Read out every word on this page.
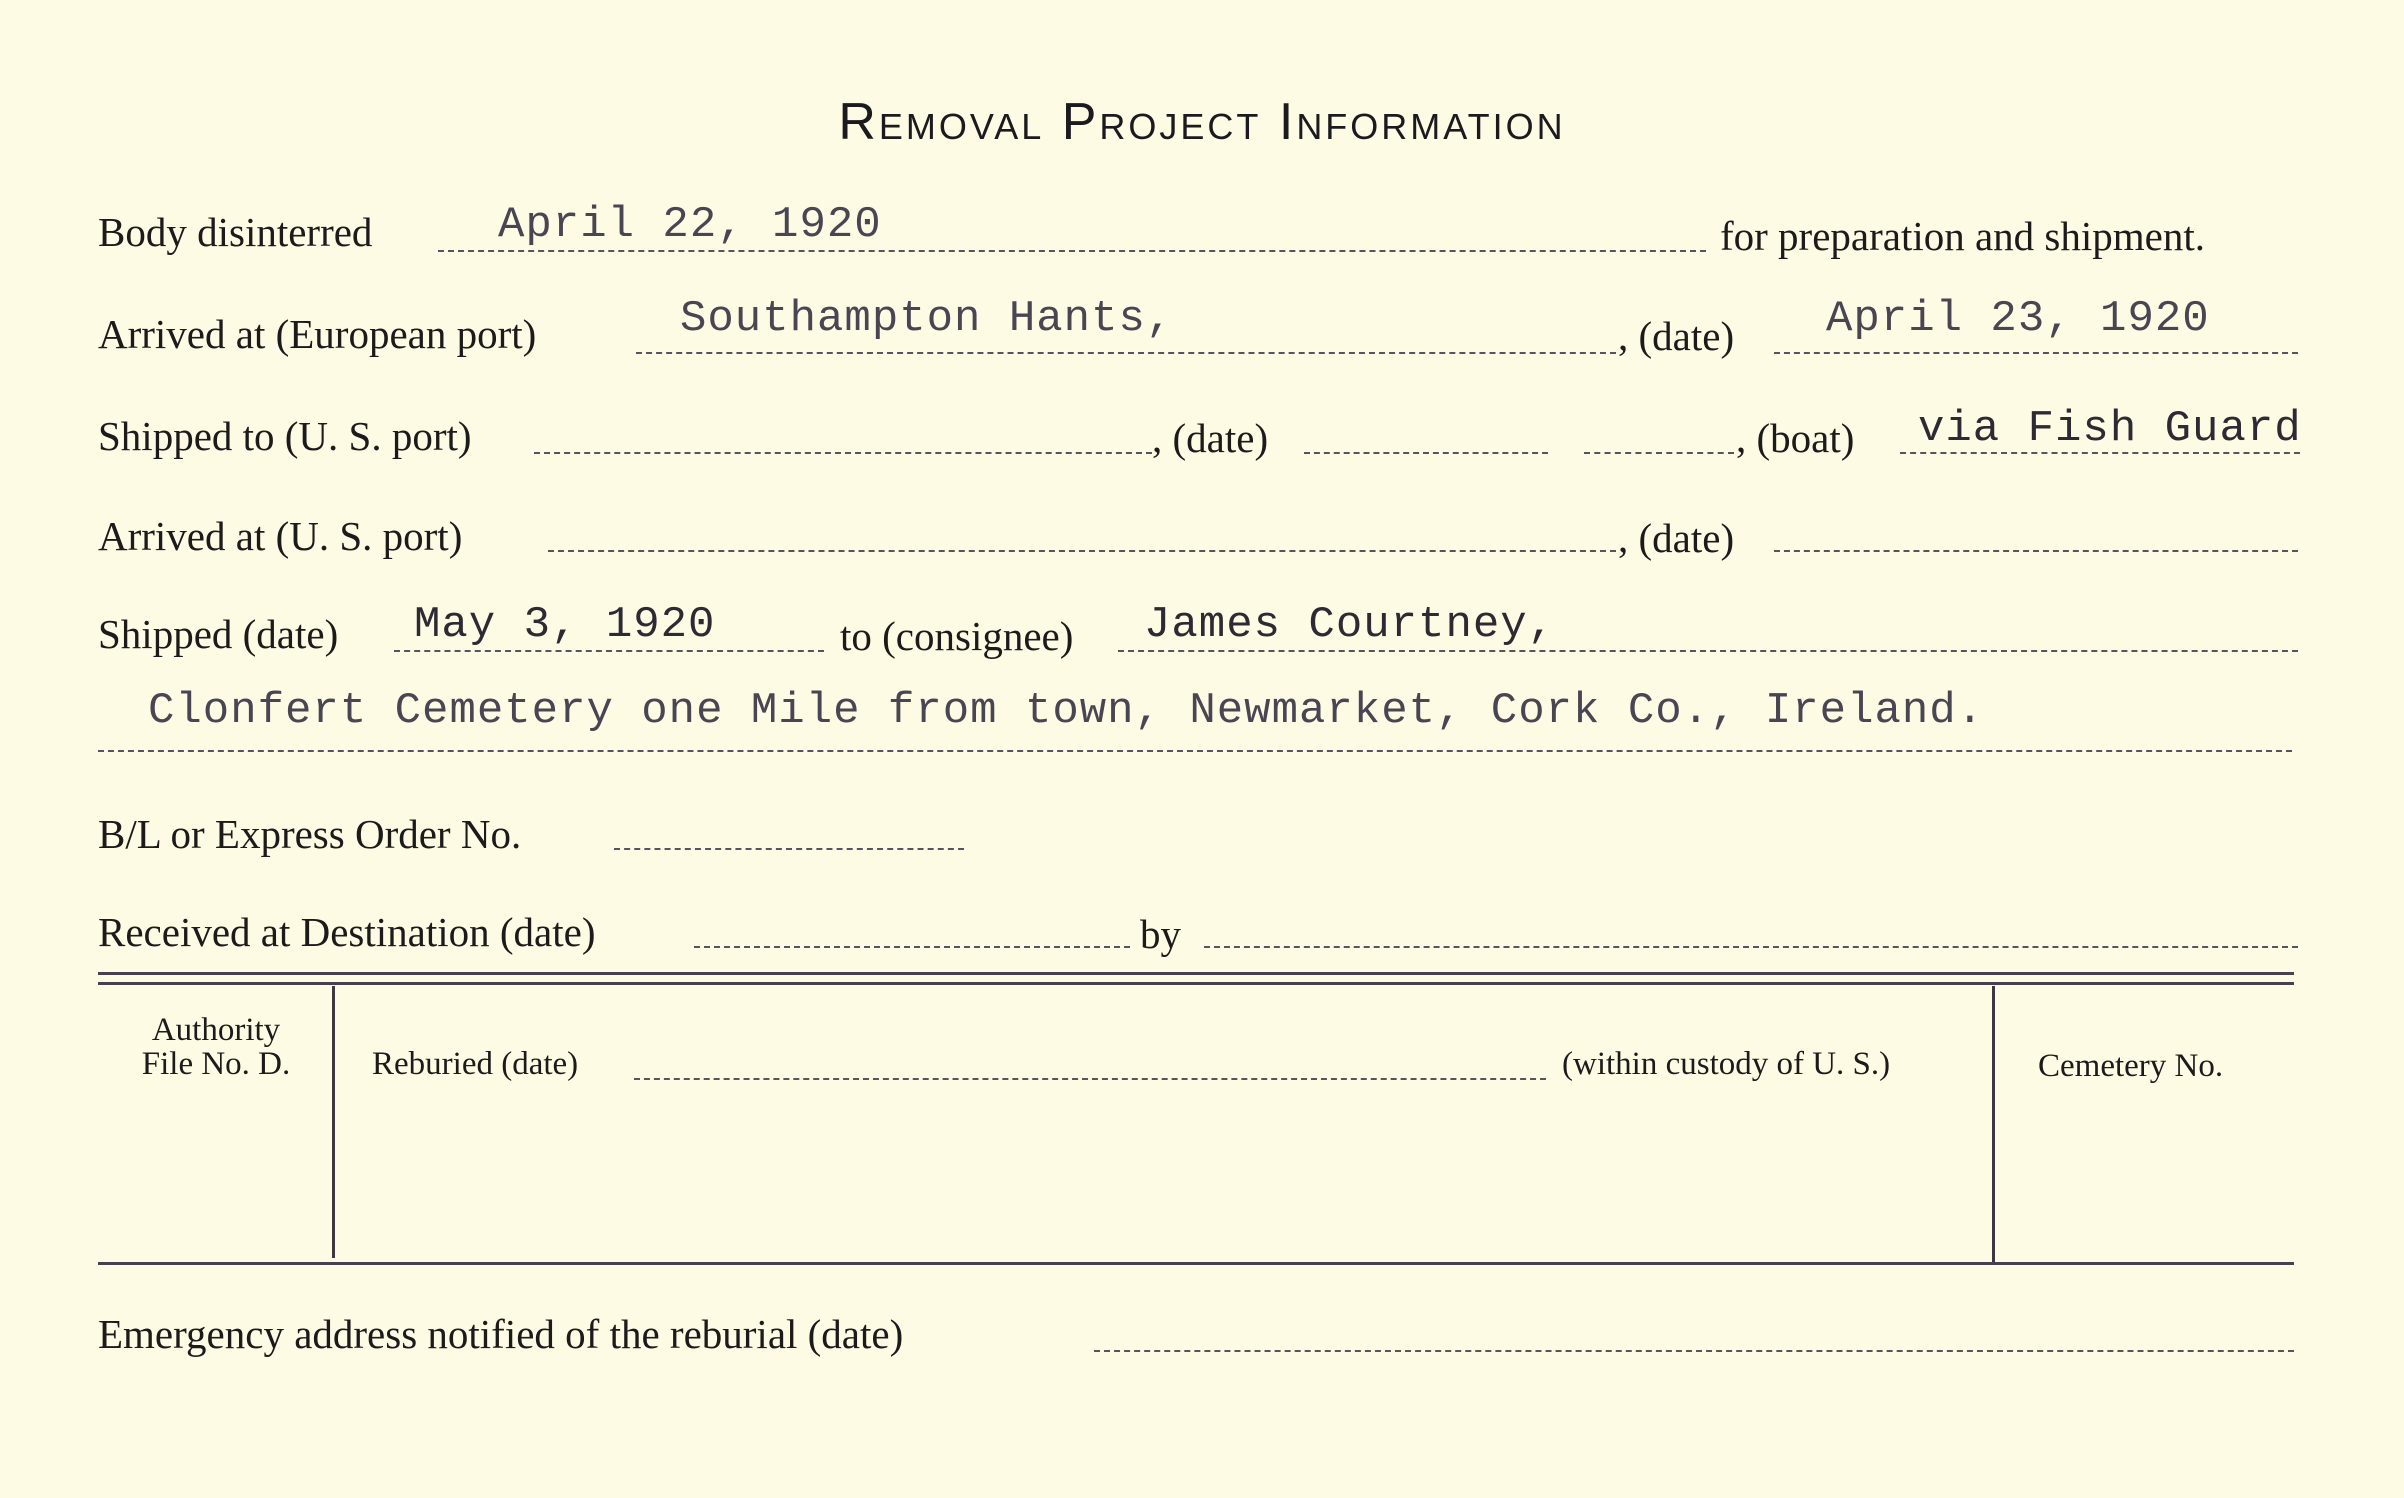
Removal Project Information
Body disinterred	April 22, 1920	for preparation and shipment.
Arrived at (European port)	Southampton Hants,	, (date) April 23, 1920
Shipped to (U. S. port)	, (date)	, (boat) via Fish Guard
Arrived at (U. S. port)	, (date)
Shipped (date) May 3, 1920	to (consignee) James Courtney,
Clonfert Cemetery one Mile from town, Newmarket, Cork Co., Ireland.
B/L or Express Order No.
Received at Destination (date)	by
Authority
File No. D.	Reburied (date)	(within custody of U. S.)	Cemetery No.
Emergency address notified of the reburial (date)
